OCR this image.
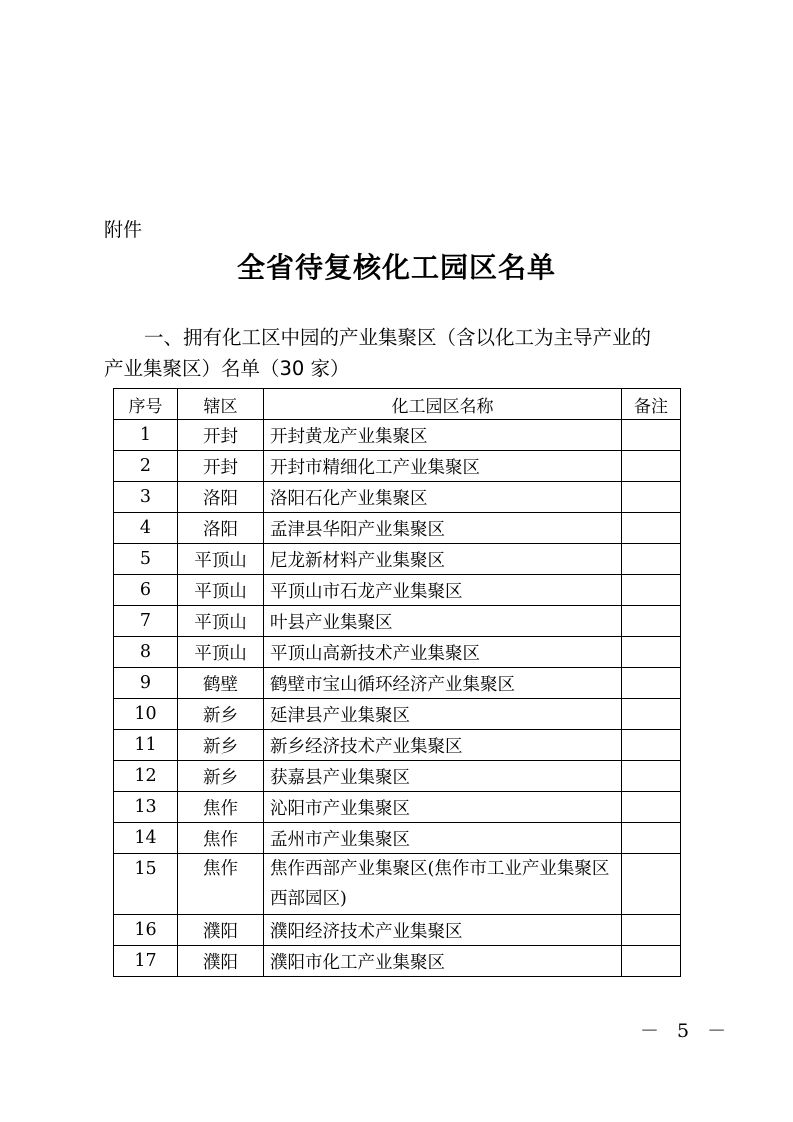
附件
全省待复核化工园区名单
一、拥有化工区中园的产业集聚区（含以化工为主导产业的
产业集聚区）名单（30 家）
序号	辖区	化工园区名称	备注
1	开封	开封黄龙产业集聚区	
2	开封	开封市精细化工产业集聚区	
3	洛阳	洛阳石化产业集聚区	
4	洛阳	孟津县华阳产业集聚区	
5	平顶山	尼龙新材料产业集聚区	
6	平顶山	平顶山市石龙产业集聚区	
7	平顶山	叶县产业集聚区	
8	平顶山	平顶山高新技术产业集聚区	
9	鹤壁	鹤壁市宝山循环经济产业集聚区	
10	新乡	延津县产业集聚区	
11	新乡	新乡经济技术产业集聚区	
12	新乡	获嘉县产业集聚区	
13	焦作	沁阳市产业集聚区	
14	焦作	孟州市产业集聚区	
15	焦作	焦作西部产业集聚区(焦作市工业产业集聚区西部园区)	
16	濮阳	濮阳经济技术产业集聚区	
17	濮阳	濮阳市化工产业集聚区	
－ 5 －
